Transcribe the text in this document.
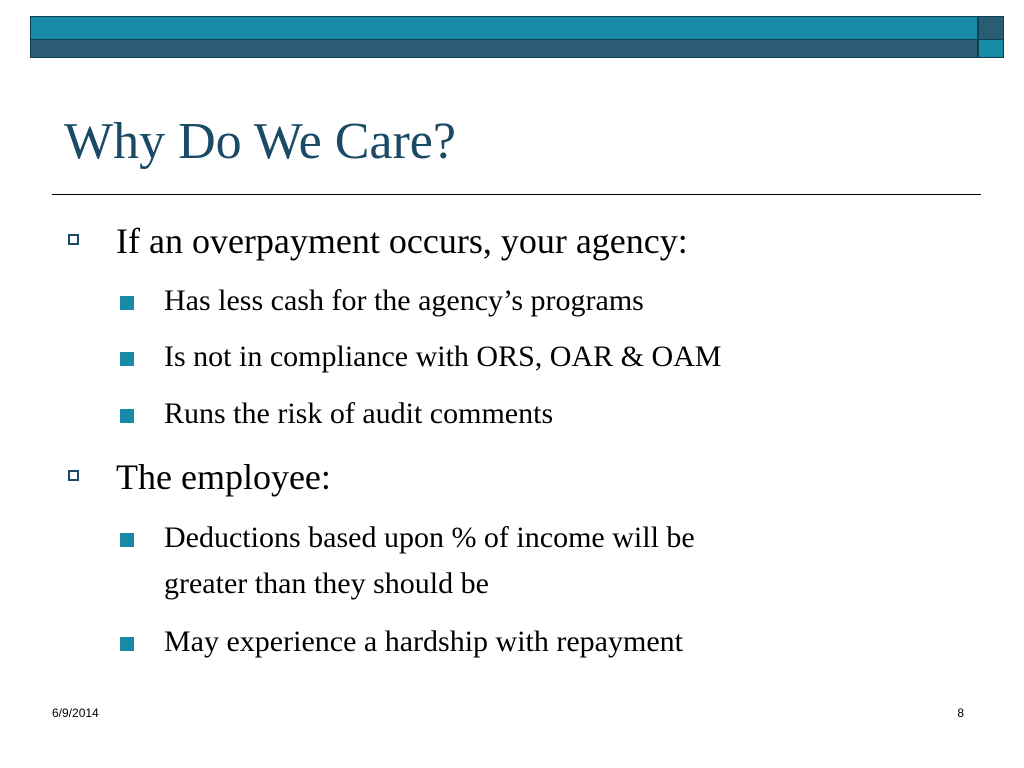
Why Do We Care?
If an overpayment occurs, your agency:
Has less cash for the agency’s programs
Is not in compliance with ORS, OAR & OAM
Runs the risk of audit comments
The employee:
Deductions based upon % of income will be
greater than they should be
May experience a hardship with repayment
6/9/2014	8
